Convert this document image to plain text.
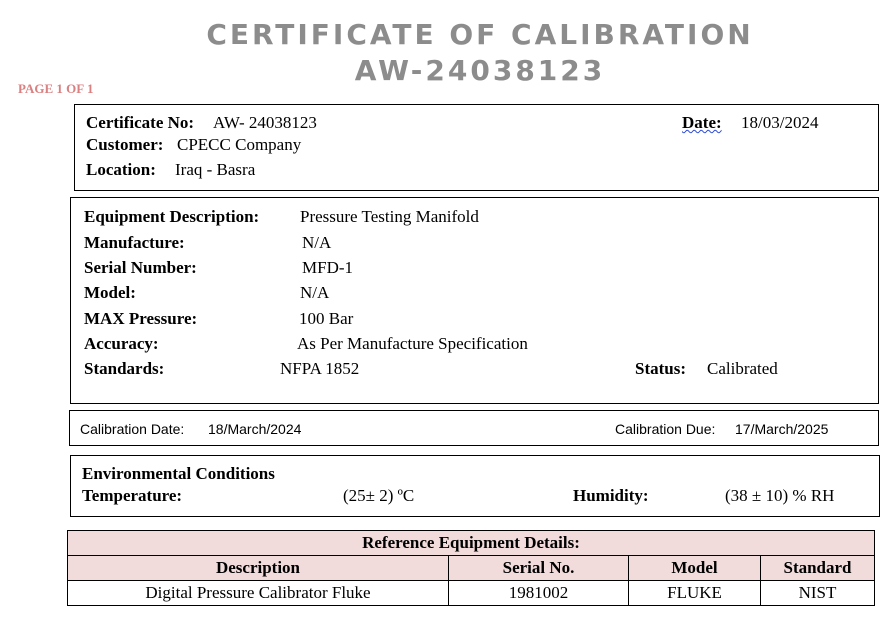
CERTIFICATE OF CALIBRATION
AW-24038123
PAGE 1 OF 1
Certificate No: AW- 24038123
Customer: CPECC Company
Location: Iraq - Basra
Date: 18/03/2024
Equipment Description: Pressure Testing Manifold
Manufacture:	N/A
Serial Number:	MFD-1
Model:	N/A
MAX Pressure:	100 Bar
Accuracy:	As Per Manufacture Specification
Standards:	NFPA 1852	Status: Calibrated
Calibration Date: 18/March/2024	Calibration Due: 17/March/2025
Environmental Conditions
Temperature:	(25± 2) ºC	Humidity:	(38 ± 10) % RH
Reference Equipment Details:			
Description	Serial No.	Model	Standard
Digital Pressure Calibrator Fluke	1981002	FLUKE	NIST
